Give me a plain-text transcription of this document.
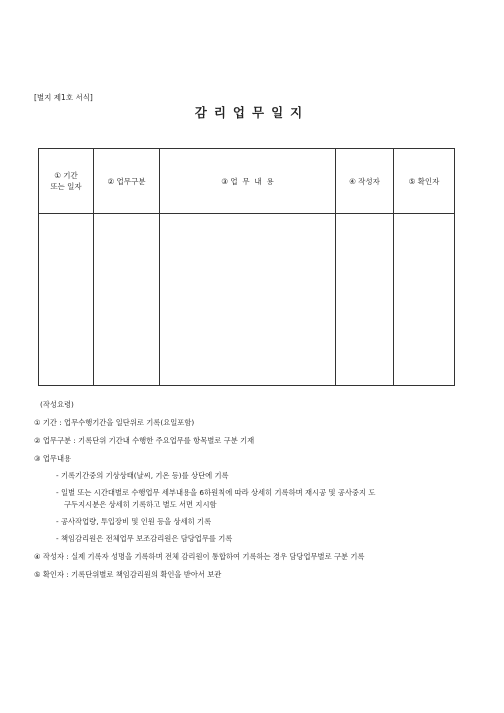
[별지 제1호 서식]
감리업무일지
① 기간
또는 일자	② 업무구분	③ 업  무  내  용	④ 작성자	⑤ 확인자

(작성요령)
① 기간 : 업무수행기간을 일단위로 기록(요일포함)
② 업무구분 : 기록단위 기간내 수행한 주요업무를 항목별로 구분 기재
③ 업무내용
- 기록기간중의 기상상태(날씨, 기온 등)를 상단에 기록
- 일별 또는 시간대별로 수행업무 세부내용을 6하원칙에 따라 상세히 기록하며 재시공 및 공사중지 도
구두지시분은 상세히 기록하고 별도 서면 지시함
- 공사작업량, 투입장비 및 인원 등을 상세히 기록
- 책임감리원은 전체업무 보조감리원은 담당업무를 기록
④ 작성자 : 실제 기록자 성명을 기록하며 전체 감리원이 통합하여 기록하는 경우 담당업무별로 구분 기록
⑤ 확인자 : 기록단위별로 책임감리원의 확인을 받아서 보관
